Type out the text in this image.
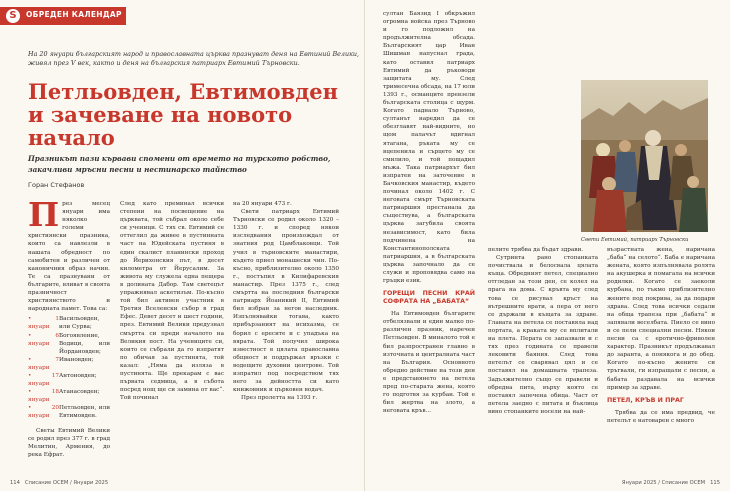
S	ОБРЕДЕН КАЛЕНДАР
На 20 януари българският народ и православната църква празнуват деня на Евтиний Велики, живял през V век, както и деня на българския патриарх Евтимий Търновски.
Петльовден, Евтимовден и зачеване на новото начало
Празникът пази кървави спомени от времето на турското робство, закачливи мръсни песни и нестинарско тайнство
Горан Стефанов
П рез месец януари има няколко големи християнски празника, които са навлезли в нашата обредност по самобитен и различен от каноничния образ начин. Те са празнувани от българите, вливат в своята празничност християнството и народната памет. Това са:

• 1 януари
Васильовден, или Сурва;
• 6 януари
Богоявление, Водици, или Йордановден;
• 7 януари
Ивановден;
• 17 януари
Антоновден;
• 18 януари
Атанасовден;
• 20 януари
Петльовден, или Евтимовден.

Светы Евтимий Велики се родил през 377 г. в град Мелитин, Армения, до река Ефрат.

След като преминал всички степени на посвещение на църквата, той събрал около себе си ученици. С тях св. Евтимий се оттеглил да живее в пустинната част на Юдейската пустиня в един скалист планински проход до Йерихонския път, в десет километра от Йерусалим. За живота му служела една пещера в долината Дабор. Там светецът упражнявал аскетизъм. По-късно той бил активен участник в Третия Вселенски събор в град Ефес. Девет десет и шест години, през. Евтимий Велики предузнал смъртта си преди началото на Великия пост. На учениците си, които се събрали да го изпратят по обичая за пустинята, той казал: „Няма да изляза в пустинята. Ще прекарам с вас първата седмица, а в събота посред нощ ще си замина от вас“. Той починал

на 20 януари 473 г.

Свети патриарх Евтимий Търновски се родил около 1320 – 1330 г. и според някои изследвания произхождал от знатния род Цамблаковци. Той учил в търновските манастири, където приел монашески чин. По-късно, приблизително около 1350 г., постъпил в Килифаревския манастир. През 1375 г., след смъртта на последния български патриарх Йоаникий II, Евтимий бил избран за негов наследник. Изпълнявайки тогава, както прибързаният на исихазма, се борил с ересите и с упадъка на вярата. Той получил широка известност в цялата православна общност и поддържал връзки с водещите духовни центрове. Той изпратил под посредством тях него за дейността си като книжовник и църковен водач.

През пролетта на 1393 г.

114 Списание ОСЕМ / Януари 2025

султан Баязид I обкръжил огромна войска през Търново и го подложил на продължителна обсада. Българският цар Иван Шишман напуснал града, като оставил патриарх Евтимий да ръководи защитата му. След тримесечна обсада, на 17 юли 1393 г., османците превзели българската столица с щурм. Когато паднало Търново, султанът наредил да се обезглавят най-видните, но щом палачът вдигнал ятагана, ръката му се вцепенила и сърцето му се смилило, и той пощадил мъжа. Така патриархът бил изпратен на заточение в Бачковския манастир, където починал около 1402 г. С неговата смърт Търновската патриаршия престанала да съществува, а българската църква загубила своята независимост, като била подчинена на Константинополската патриаршия, а в българската църква започнало да се служи и проповядва само на гръцки език.

ГОРЕЩИ ПЕСНИ КРАЙ СОФРАТА НА „БАБАТА“

На Евтимовден българите отбелязвали и един малко по-различен празник, наречен Петльовден. В миналото той е бил разпространен главно в източната и централната част на България. Основното обредно действие на този ден е представянето на петела пред по-старата жена, която го подготвя за курбан. Той е бил жертва на злото, а неговата кръв...

Свети Евтимий, патриарх Търновски

пелите трябва да бъдат здрави.

Сутринта рано стопанката почиствала и белосвала цялата къща. Обредният петел, специално отгледан за този ден, се колел на прага на дома. С кръвта му след това се рисувал кръст на вътрешните врати, а пера от него се държали в къщата за здраве. Главата на петела се поставяла над портата, а краката му се вплитали на плета. Перата се запазвали и с тях през годината се правели лековити баяния. След това петелът се сварявал цял и се поставял на домашната трапеза. Задължително също се правели и обредна пита, върху която се поставял запечена обица. Част от петела заедно с питата и бъклица вино стопанките носели на най-

възрастната жена, наричана „баба“ на селото“. Баба е наричана жената, която изпълнявала ролята на акушерка и помагала на всички родилки. Когато се заеколи курбана, по тъкмо приблизително жените под покрива, за да подари здрава. След това всички седали на обща трапеза при „бабата“ и запявали веселбата. Пиело се вино и се пели специални песни. Някои песни са с еротично-фриволен характер. Празникът продължавал до заранта, а понякога и до обед. Когато по-късно жените си тръгвали, ги изпращали с песни, а бабата раздавала на всички пример за здраве.

ПЕТЕЛ, КРЪВ И ПРАГ

Трябва да се има предвид, че петелът е натоварен с много

Януари 2025 / Списание ОСЕМ 115
